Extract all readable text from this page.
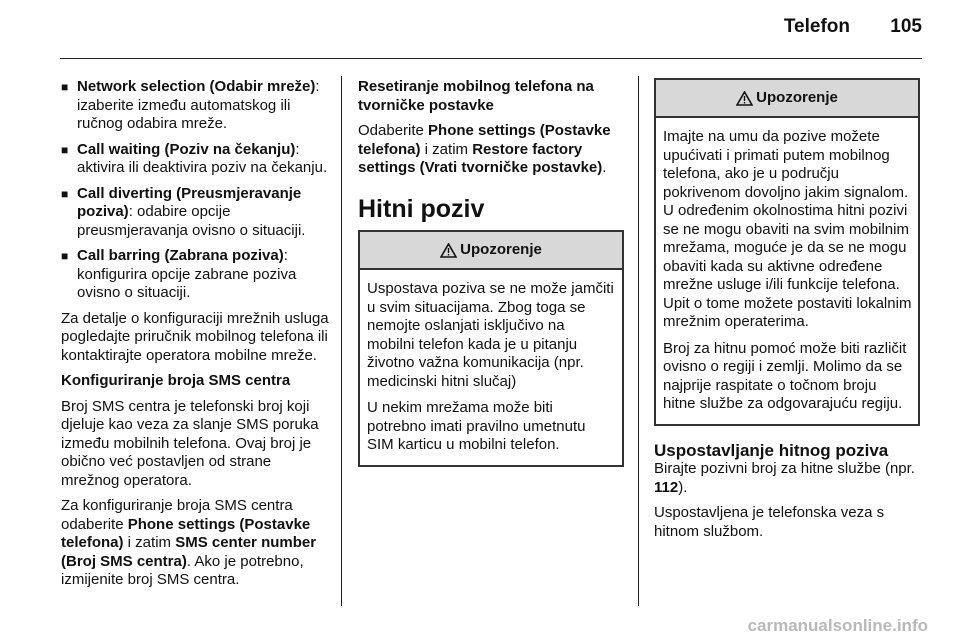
Telefon	105
■ Network selection (Odabir mreže): izaberite između automatskog ili ručnog odabira mreže.
■ Call waiting (Poziv na čekanju): aktivira ili deaktivira poziv na čekanju.
■ Call diverting (Preusmjeravanje poziva): odabire opcije preusmjeravanja ovisno o situaciji.
■ Call barring (Zabrana poziva): konfigurira opcije zabrane poziva ovisno o situaciji.

Za detalje o konfiguraciji mrežnih usluga pogledajte priručnik mobilnog telefona ili kontaktirajte operatora mobilne mreže.

Konfiguriranje broja SMS centra

Broj SMS centra je telefonski broj koji djeluje kao veza za slanje SMS poruka između mobilnih telefona. Ovaj broj je obično već postavljen od strane mrežnog operatora.

Za konfiguriranje broja SMS centra odaberite Phone settings (Postavke telefona) i zatim SMS center number (Broj SMS centra). Ako je potrebno, izmijenite broj SMS centra.

Resetiranje mobilnog telefona na tvorničke postavke

Odaberite Phone settings (Postavke telefona) i zatim Restore factory settings (Vrati tvorničke postavke).

Hitni poziv
Upozorenje

Uspostava poziva se ne može jamčiti u svim situacijama. Zbog toga se nemojte oslanjati isključivo na mobilni telefon kada je u pitanju životno važna komunikacija (npr. medicinski hitni slučaj)

U nekim mrežama može biti potrebno imati pravilno umetnutu SIM karticu u mobilni telefon.

Upozorenje

Imajte na umu da pozive možete upućivati i primati putem mobilnog telefona, ako je u području pokrivenom dovoljno jakim signalom. U određenim okolnostima hitni pozivi se ne mogu obaviti na svim mobilnim mrežama, moguće je da se ne mogu obaviti kada su aktivne određene mrežne usluge i/ili funkcije telefona. Upit o tome možete postaviti lokalnim mrežnim operaterima.

Broj za hitnu pomoć može biti različit ovisno o regiji i zemlji. Molimo da se najprije raspitate o točnom broju hitne službe za odgovarajuću regiju.

Uspostavljanje hitnog poziva

Birajte pozivni broj za hitne službe (npr. 112).

Uspostavljena je telefonska veza s hitnom službom.

carmanualsonline.info
